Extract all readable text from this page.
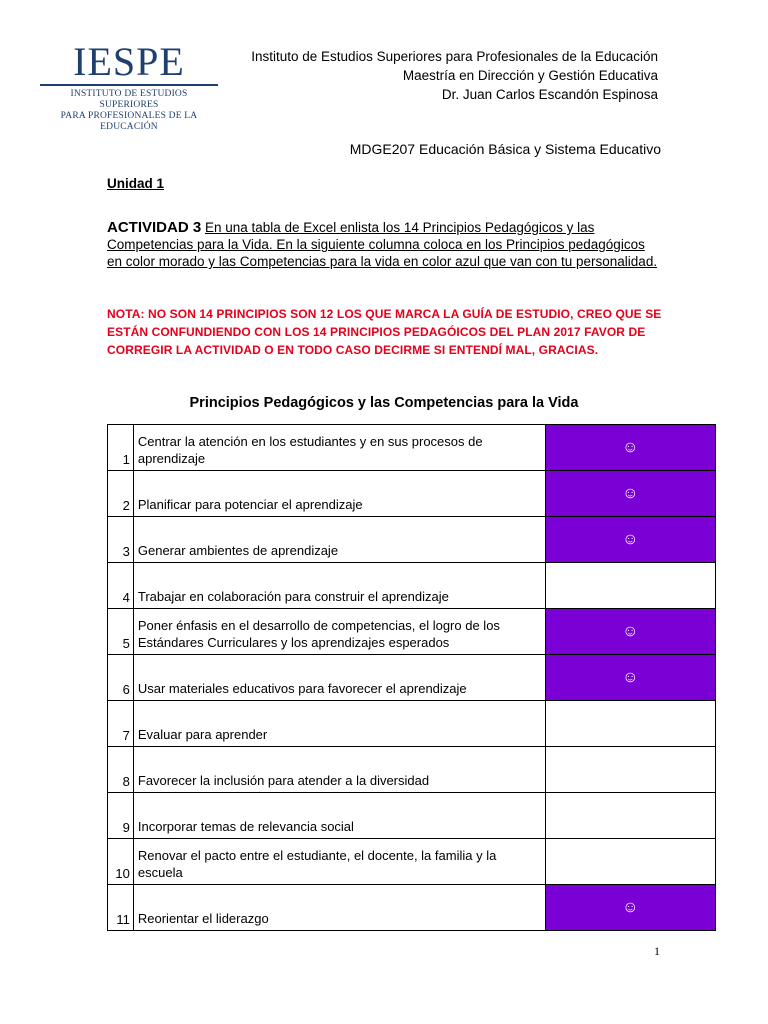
IESPE
INSTITUTO DE ESTUDIOS SUPERIORES
PARA PROFESIONALES DE LA EDUCACIÓN
Instituto de Estudios Superiores para Profesionales de la Educación
Maestría en Dirección y Gestión Educativa
Dr. Juan Carlos Escandón Espinosa
MDGE207 Educación Básica y Sistema Educativo
Unidad 1
ACTIVIDAD 3 En una tabla de Excel enlista los 14 Principios Pedagógicos y las Competencias para la Vida. En la siguiente columna coloca en los Principios pedagógicos en color morado y las Competencias para la vida en color azul que van con tu personalidad.
NOTA: NO SON 14 PRINCIPIOS SON 12 LOS QUE MARCA LA GUÍA DE ESTUDIO, CREO QUE SE ESTÁN CONFUNDIENDO CON LOS 14 PRINCIPIOS PEDAGÓICOS DEL PLAN 2017 FAVOR DE CORREGIR LA ACTIVIDAD O EN TODO CASO DECIRME SI ENTENDÍ MAL, GRACIAS.
Principios Pedagógicos y las Competencias para la Vida
1	Centrar la atención en los estudiantes y en sus procesos de aprendizaje	☺
2	Planificar para potenciar el aprendizaje	☺
3	Generar ambientes de aprendizaje	☺
4	Trabajar en colaboración para construir el aprendizaje	
5	Poner énfasis en el desarrollo de competencias, el logro de los Estándares Curriculares y los aprendizajes esperados	☺
6	Usar materiales educativos para favorecer el aprendizaje	☺
7	Evaluar para aprender	
8	Favorecer la inclusión para atender a la diversidad	
9	Incorporar temas de relevancia social	
10	Renovar el pacto entre el estudiante, el docente, la familia y la escuela	
11	Reorientar el liderazgo	☺
1
